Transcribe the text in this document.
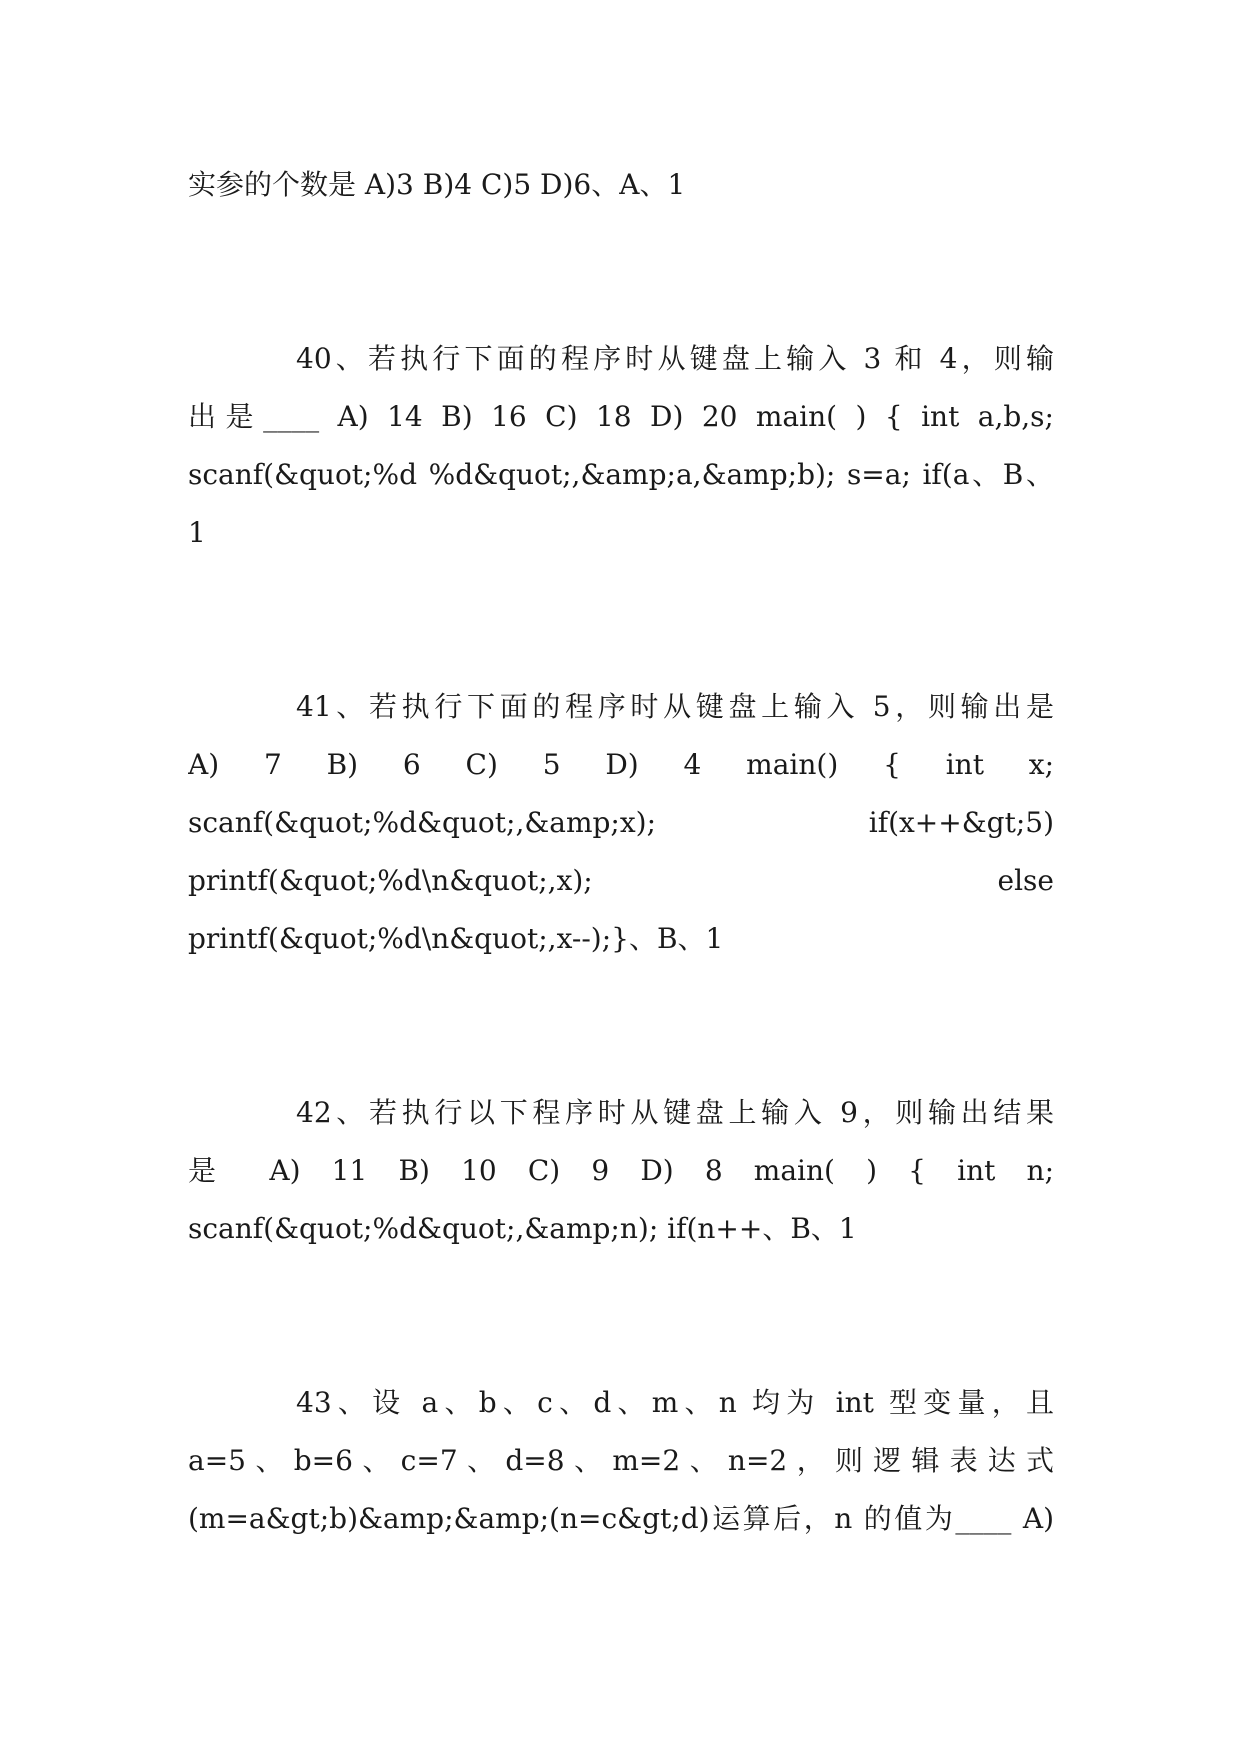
实参的个数是 A)3 B)4 C)5 D)6、A、1
40、若执行下面的程序时从键盘上输入 3 和 4，则输
出是____ A) 14 B) 16 C) 18 D) 20 main( ) { int a,b,s;
scanf(&quot;%d %d&quot;,&amp;a,&amp;b); s=a; if(a、B、
1
41、若执行下面的程序时从键盘上输入 5，则输出是
A) 7 B) 6 C) 5 D) 4 main() { int x;
scanf(&quot;%d&quot;,&amp;x); if(x++&gt;5)
printf(&quot;%d\n&quot;,x); else
printf(&quot;%d\n&quot;,x--);}、B、1
42、若执行以下程序时从键盘上输入 9，则输出结果
是 A) 11 B) 10 C) 9 D) 8 main( ) { int n;
scanf(&quot;%d&quot;,&amp;n); if(n++、B、1
43、设 a、b、c、d、m、n 均为 int 型变量，且
a=5 、 b=6 、 c=7 、 d=8 、 m=2 、 n=2 ， 则 逻 辑 表 达 式
(m=a&gt;b)&amp;&amp;(n=c&gt;d)运算后，n 的值为____ A)
